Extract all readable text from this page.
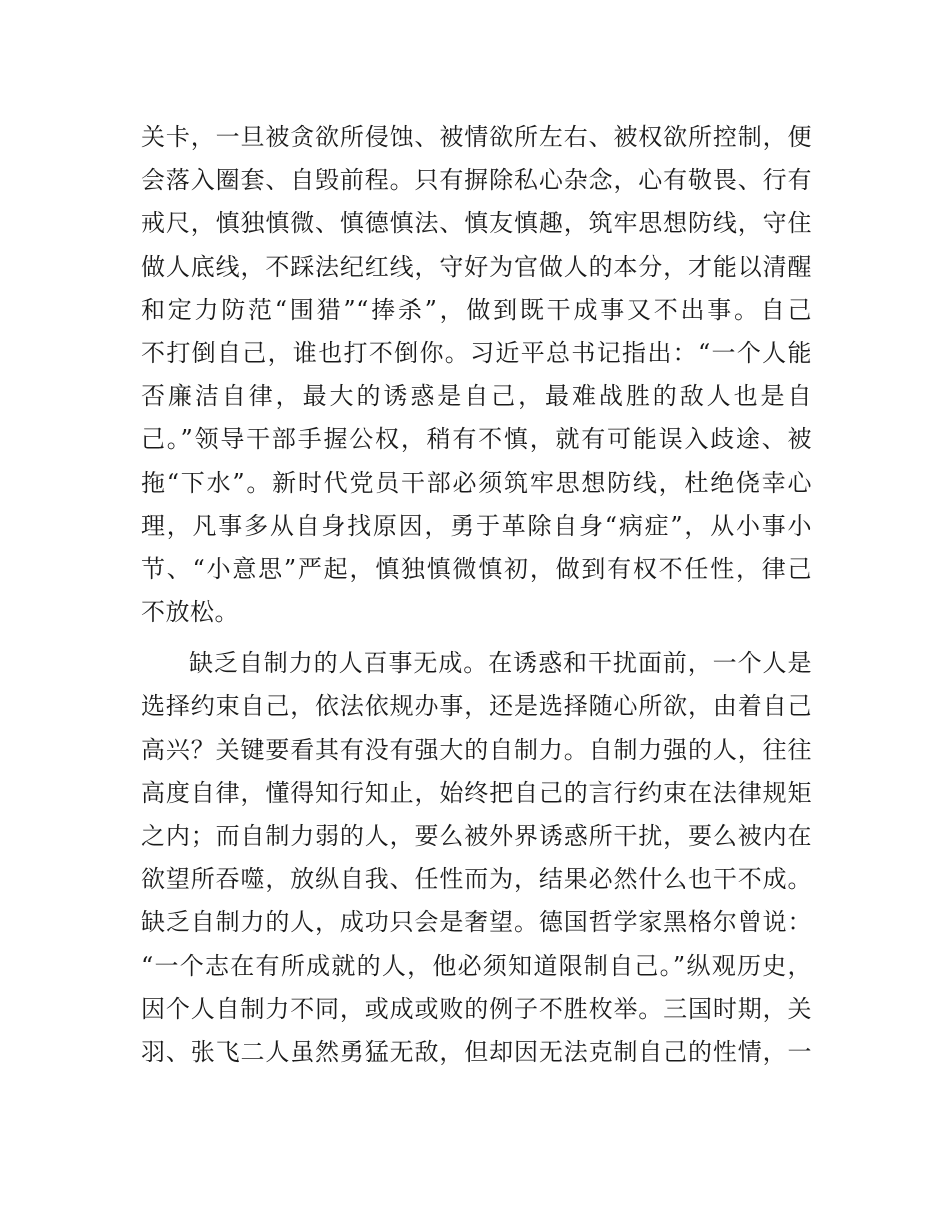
关卡，一旦被贪欲所侵蚀、被情欲所左右、被权欲所控制，便
会落入圈套、自毁前程。只有摒除私心杂念，心有敬畏、行有
戒尺，慎独慎微、慎德慎法、慎友慎趣，筑牢思想防线，守住
做人底线，不踩法纪红线，守好为官做人的本分，才能以清醒
和定力防范“围猎”“捧杀”，做到既干成事又不出事。自己
不打倒自己，谁也打不倒你。习近平总书记指出：“一个人能
否廉洁自律，最大的诱惑是自己，最难战胜的敌人也是自
己。”领导干部手握公权，稍有不慎，就有可能误入歧途、被
拖“下水”。新时代党员干部必须筑牢思想防线，杜绝侥幸心
理，凡事多从自身找原因，勇于革除自身“病症”，从小事小
节、“小意思”严起，慎独慎微慎初，做到有权不任性，律己
不放松。
缺乏自制力的人百事无成。在诱惑和干扰面前，一个人是
选择约束自己，依法依规办事，还是选择随心所欲，由着自己
高兴？关键要看其有没有强大的自制力。自制力强的人，往往
高度自律，懂得知行知止，始终把自己的言行约束在法律规矩
之内；而自制力弱的人，要么被外界诱惑所干扰，要么被内在
欲望所吞噬，放纵自我、任性而为，结果必然什么也干不成。
缺乏自制力的人，成功只会是奢望。德国哲学家黑格尔曾说：
“一个志在有所成就的人，他必须知道限制自己。”纵观历史，
因个人自制力不同，或成或败的例子不胜枚举。三国时期，关
羽、张飞二人虽然勇猛无敌，但却因无法克制自己的性情，一
